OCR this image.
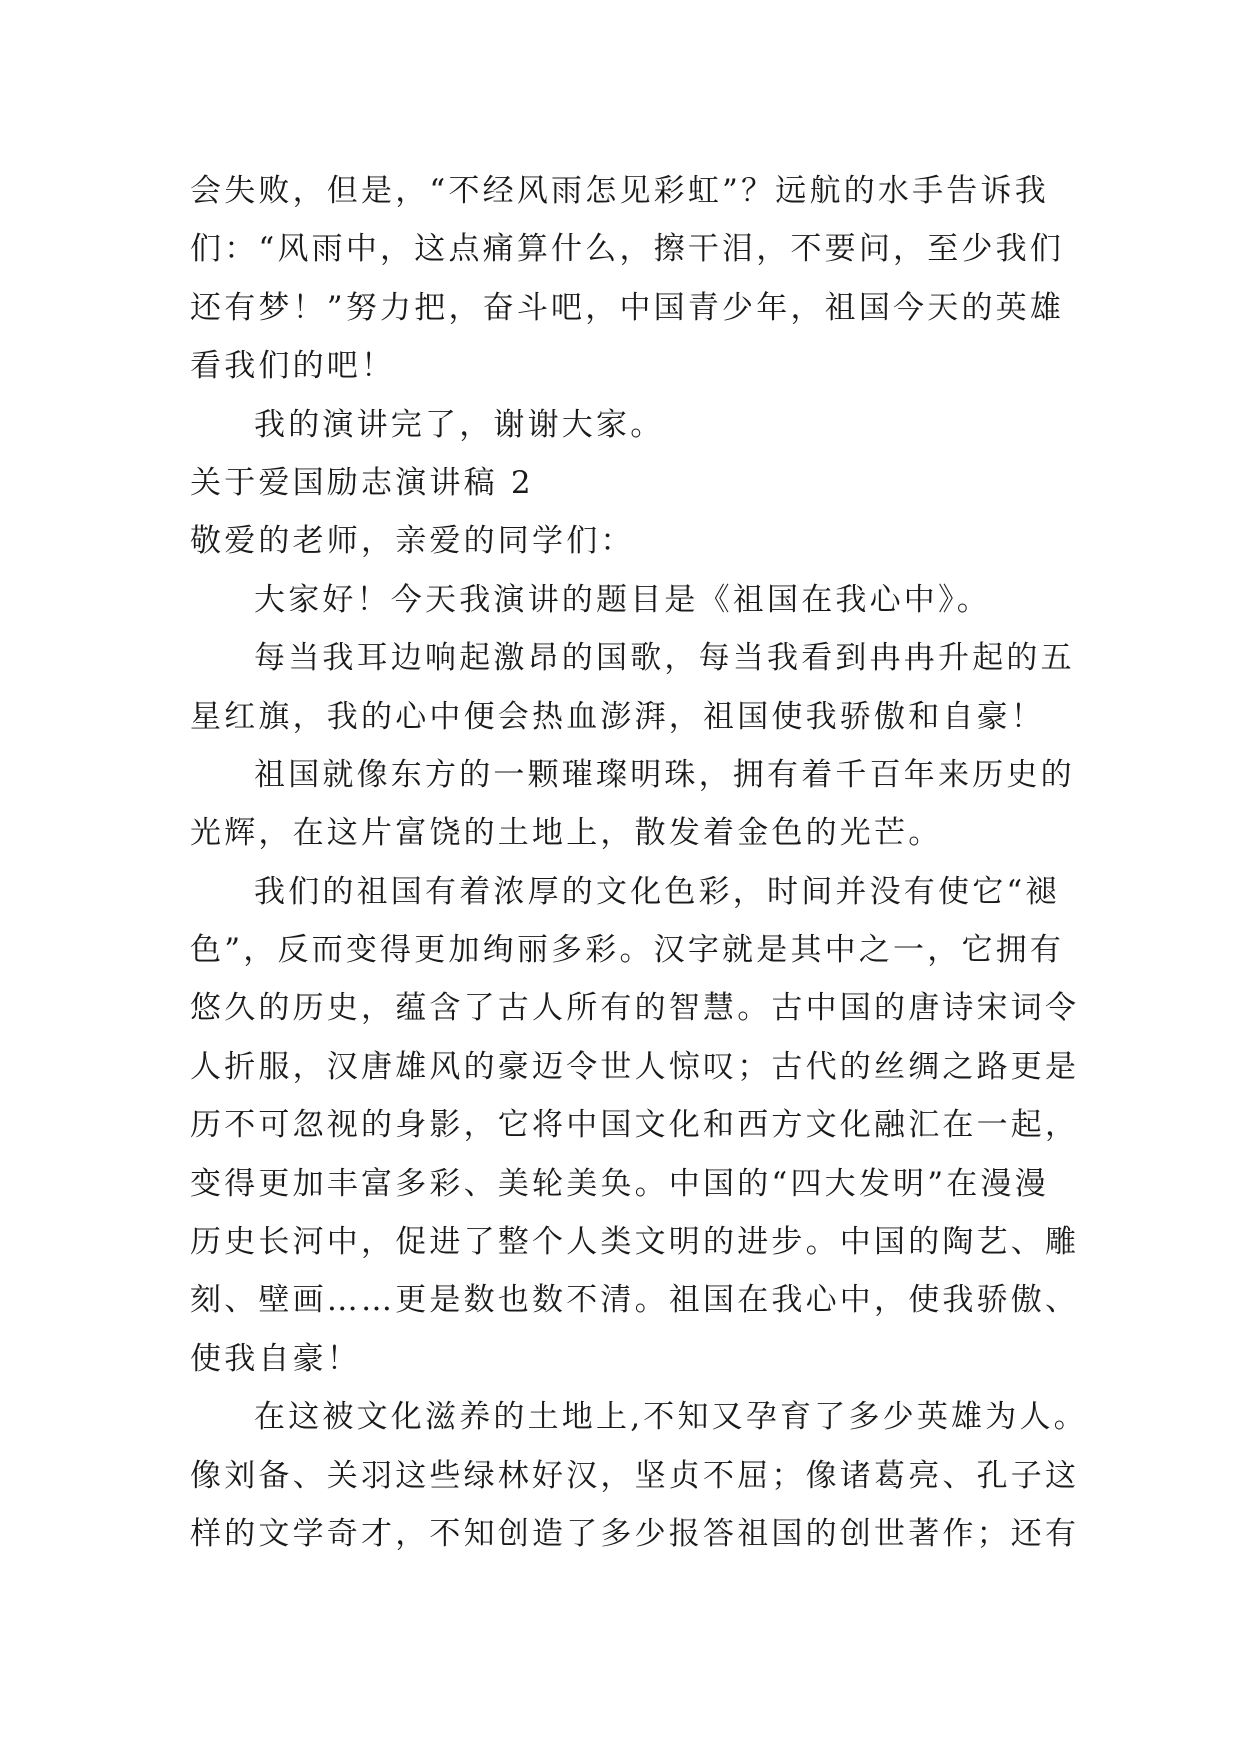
会失败，但是，“不经风雨怎见彩虹”？远航的水手告诉我
们：“风雨中，这点痛算什么，擦干泪，不要问，至少我们
还有梦！”努力把，奋斗吧，中国青少年，祖国今天的英雄
看我们的吧！
我的演讲完了，谢谢大家。
关于爱国励志演讲稿 2
敬爱的老师，亲爱的同学们：
大家好！今天我演讲的题目是《祖国在我心中》。
每当我耳边响起激昂的国歌，每当我看到冉冉升起的五
星红旗，我的心中便会热血澎湃，祖国使我骄傲和自豪！
祖国就像东方的一颗璀璨明珠，拥有着千百年来历史的
光辉，在这片富饶的土地上，散发着金色的光芒。
我们的祖国有着浓厚的文化色彩，时间并没有使它“褪
色”，反而变得更加绚丽多彩。汉字就是其中之一，它拥有
悠久的历史，蕴含了古人所有的智慧。古中国的唐诗宋词令
人折服，汉唐雄风的豪迈令世人惊叹；古代的丝绸之路更是
历不可忽视的身影，它将中国文化和西方文化融汇在一起，
变得更加丰富多彩、美轮美奂。中国的“四大发明”在漫漫
历史长河中，促进了整个人类文明的进步。中国的陶艺、雕
刻、壁画……更是数也数不清。祖国在我心中，使我骄傲、
使我自豪！
在这被文化滋养的土地上,不知又孕育了多少英雄为人。
像刘备、关羽这些绿林好汉，坚贞不屈；像诸葛亮、孔子这
样的文学奇才，不知创造了多少报答祖国的创世著作；还有
